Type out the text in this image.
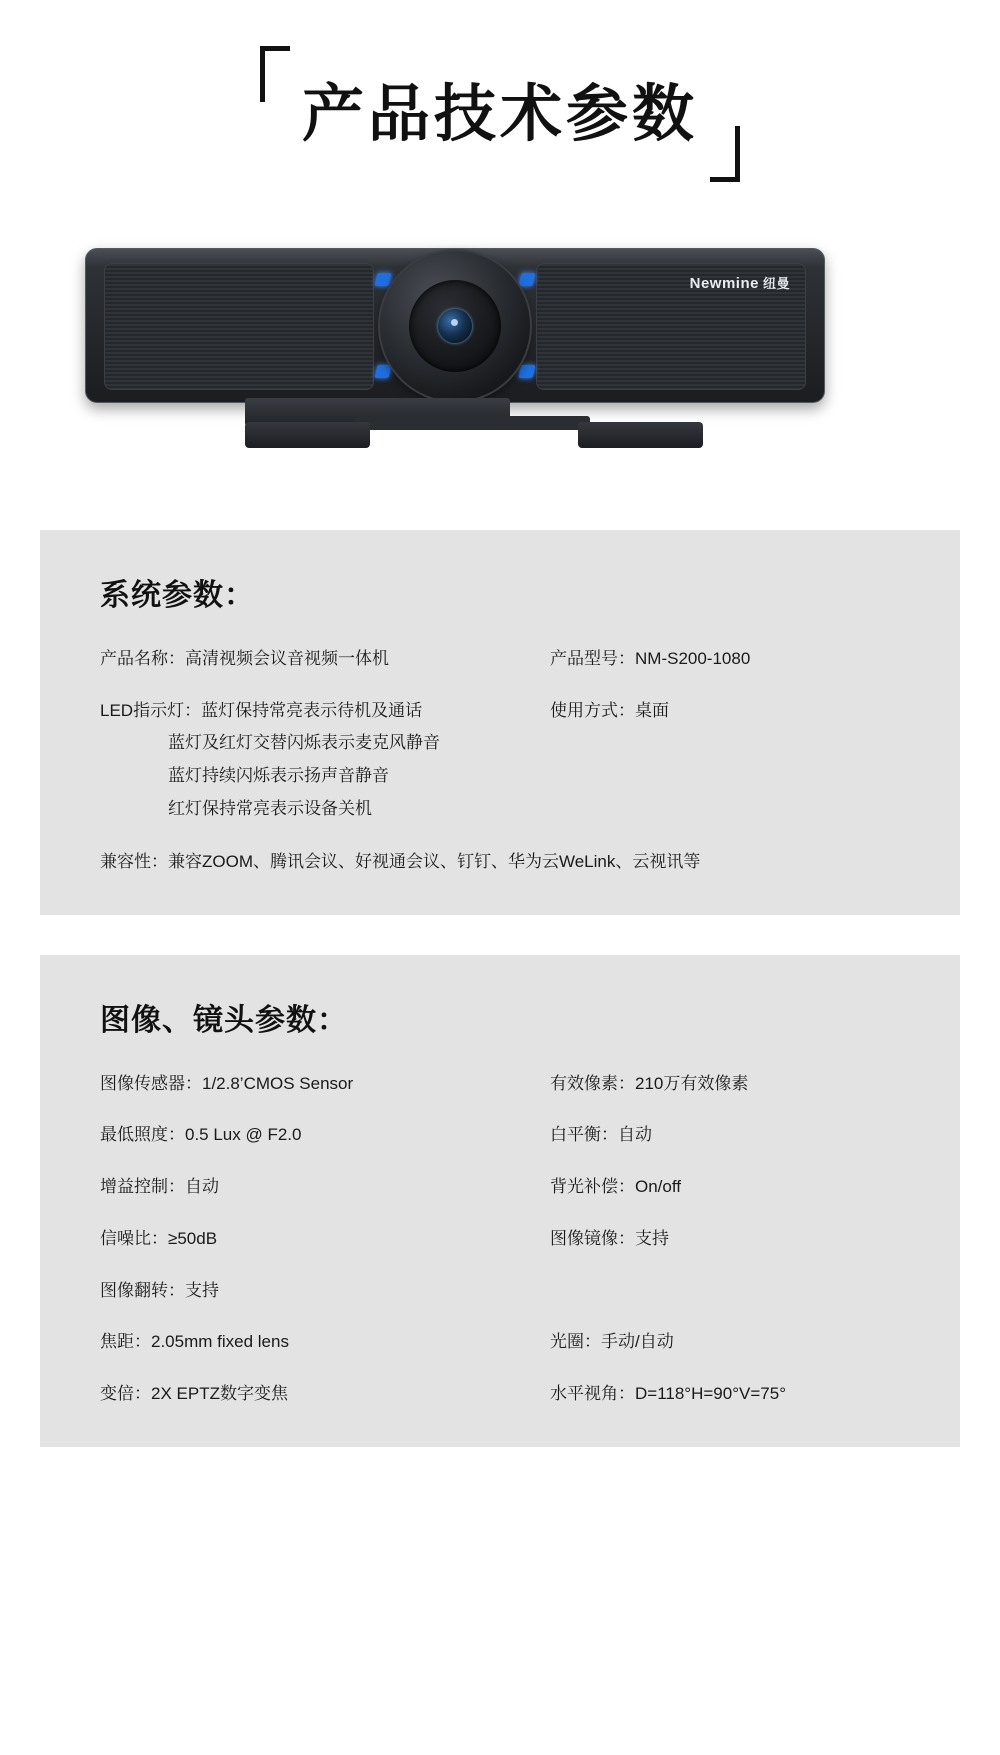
产品技术参数
Newmine 纽曼
系统参数：
产品名称：高清视频会议音视频一体机	产品型号：NM-S200-1080
LED指示灯：蓝灯保持常亮表示待机及通话
蓝灯及红灯交替闪烁表示麦克风静音
蓝灯持续闪烁表示扬声音静音
红灯保持常亮表示设备关机
使用方式：桌面
兼容性：兼容ZOOM、腾讯会议、好视通会议、钉钉、华为云WeLink、云视讯等
图像、镜头参数：
图像传感器：1/2.8’CMOS Sensor	有效像素：210万有效像素
最低照度：0.5 Lux @ F2.0	白平衡：自动
增益控制：自动	背光补偿：On/off
信噪比：≥50dB	图像镜像：支持
图像翻转：支持
焦距：2.05mm fixed lens	光圈：手动/自动
变倍：2X EPTZ数字变焦	水平视角：D=118°H=90°V=75°
